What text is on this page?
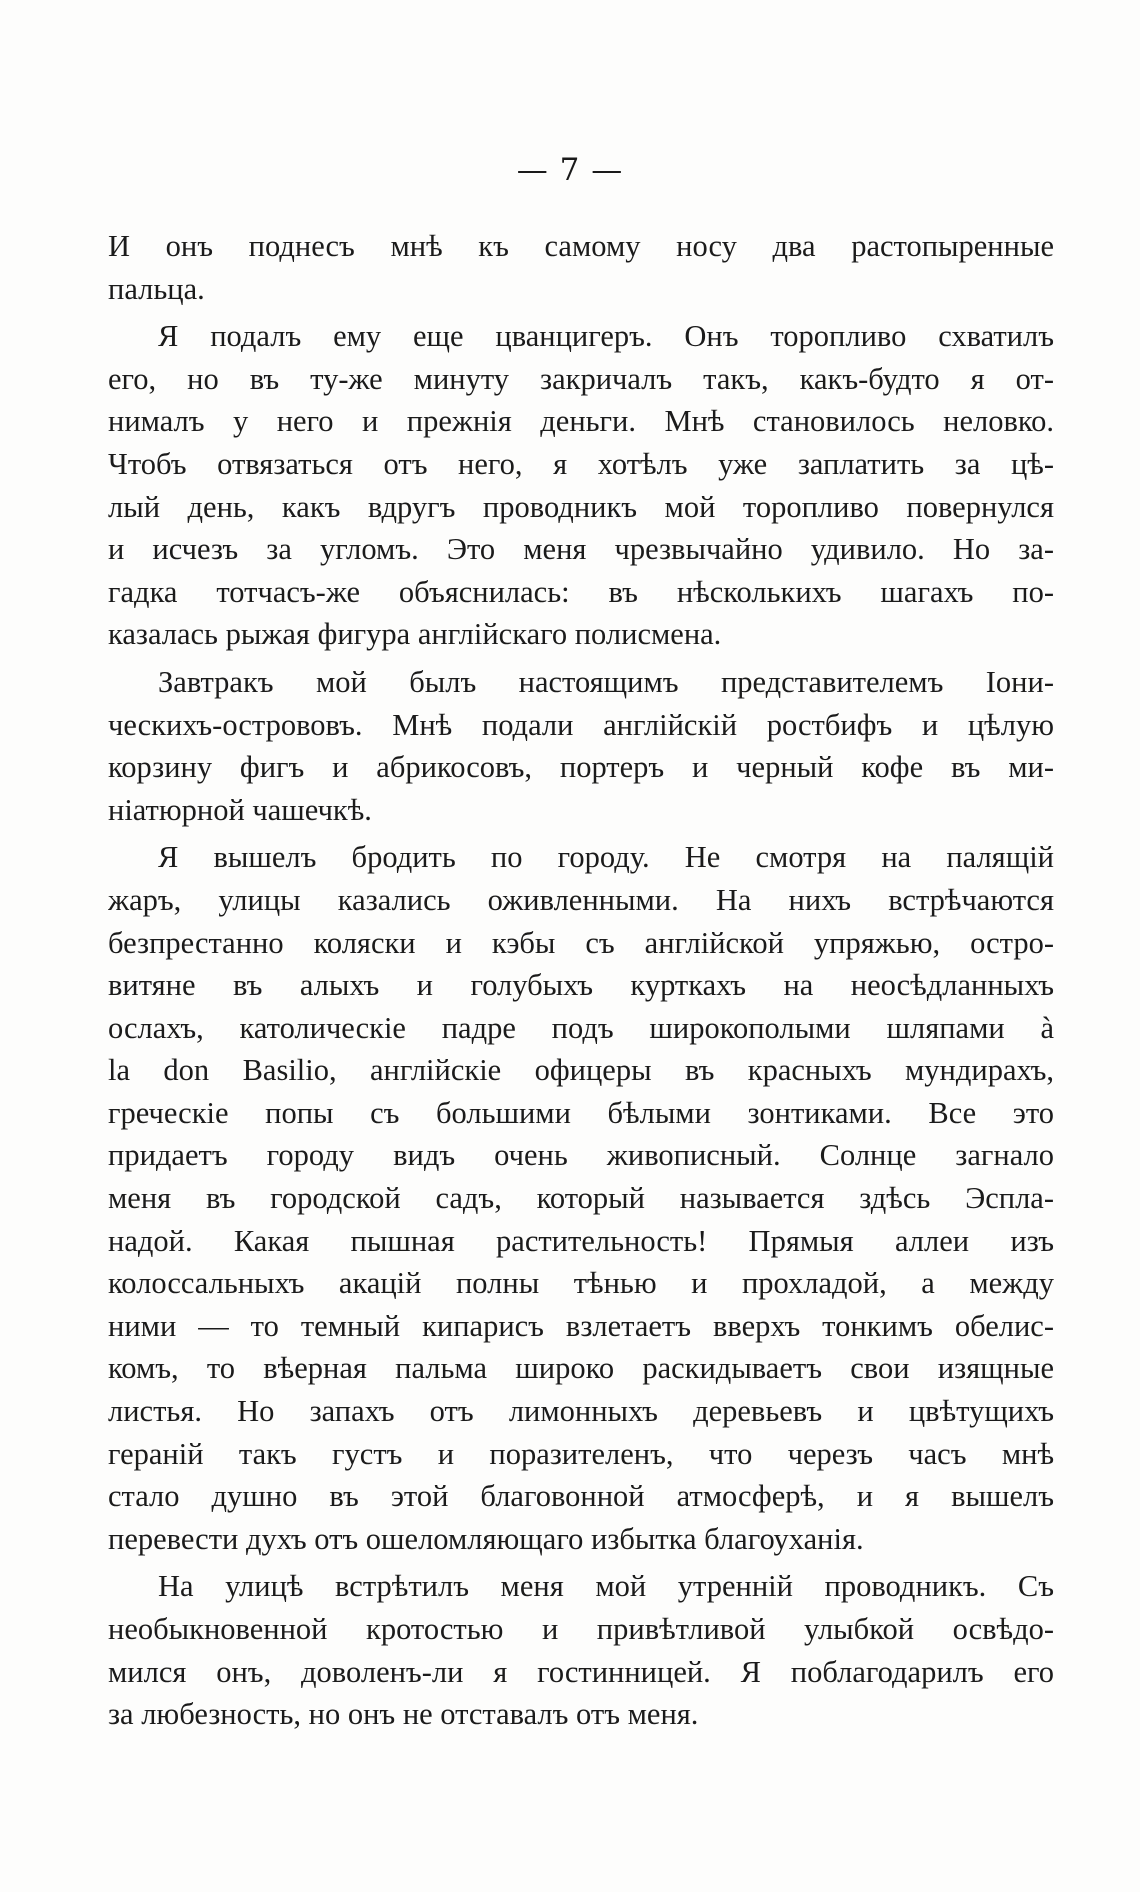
— 7 —
И онъ поднесъ мнѣ къ самому носу два растопыренные
пальца.
Я подалъ ему еще цванцигеръ. Онъ торопливо схватилъ
его, но въ ту-же минуту закричалъ такъ, какъ-будто я от-
нималъ у него и прежнія деньги. Мнѣ становилось неловко.
Чтобъ отвязаться отъ него, я хотѣлъ уже заплатить за цѣ-
лый день, какъ вдругъ проводникъ мой торопливо повернулся
и исчезъ за угломъ. Это меня чрезвычайно удивило. Но за-
гадка тотчасъ-же объяснилась: въ нѣсколькихъ шагахъ по-
казалась рыжая фигура англійскаго полисмена.
Завтракъ мой былъ настоящимъ представителемъ Іони-
ческихъ-острововъ. Мнѣ подали англійскій ростбифъ и цѣлую
корзину фигъ и абрикосовъ, портеръ и черный кофе въ ми-
ніатюрной чашечкѣ.
Я вышелъ бродить по городу. Не смотря на палящій
жаръ, улицы казались оживленными. На нихъ встрѣчаются
безпрестанно коляски и кэбы съ англійской упряжью, остро-
витяне въ алыхъ и голубыхъ курткахъ на неосѣдланныхъ
ослахъ, католическіе падре подъ широкополыми шляпами à
la don Basilio, англійскіе офицеры въ красныхъ мундирахъ,
греческіе попы съ большими бѣлыми зонтиками. Все это
придаетъ городу видъ очень живописный. Солнце загнало
меня въ городской садъ, который называется здѣсь Эспла-
надой. Какая пышная растительность! Прямыя аллеи изъ
колоссальныхъ акацій полны тѣнью и прохладой, а между
ними — то темный кипарисъ взлетаетъ вверхъ тонкимъ обелис-
комъ, то вѣерная пальма широко раскидываетъ свои изящные
листья. Но запахъ отъ лимонныхъ деревьевъ и цвѣтущихъ
гераній такъ густъ и поразителенъ, что черезъ часъ мнѣ
стало душно въ этой благовонной атмосферѣ, и я вышелъ
перевести духъ отъ ошеломляющаго избытка благоуханія.
На улицѣ встрѣтилъ меня мой утренній проводникъ. Съ
необыкновенной кротостью и привѣтливой улыбкой освѣдо-
мился онъ, доволенъ-ли я гостинницей. Я поблагодарилъ его
за любезность, но онъ не отставалъ отъ меня.
